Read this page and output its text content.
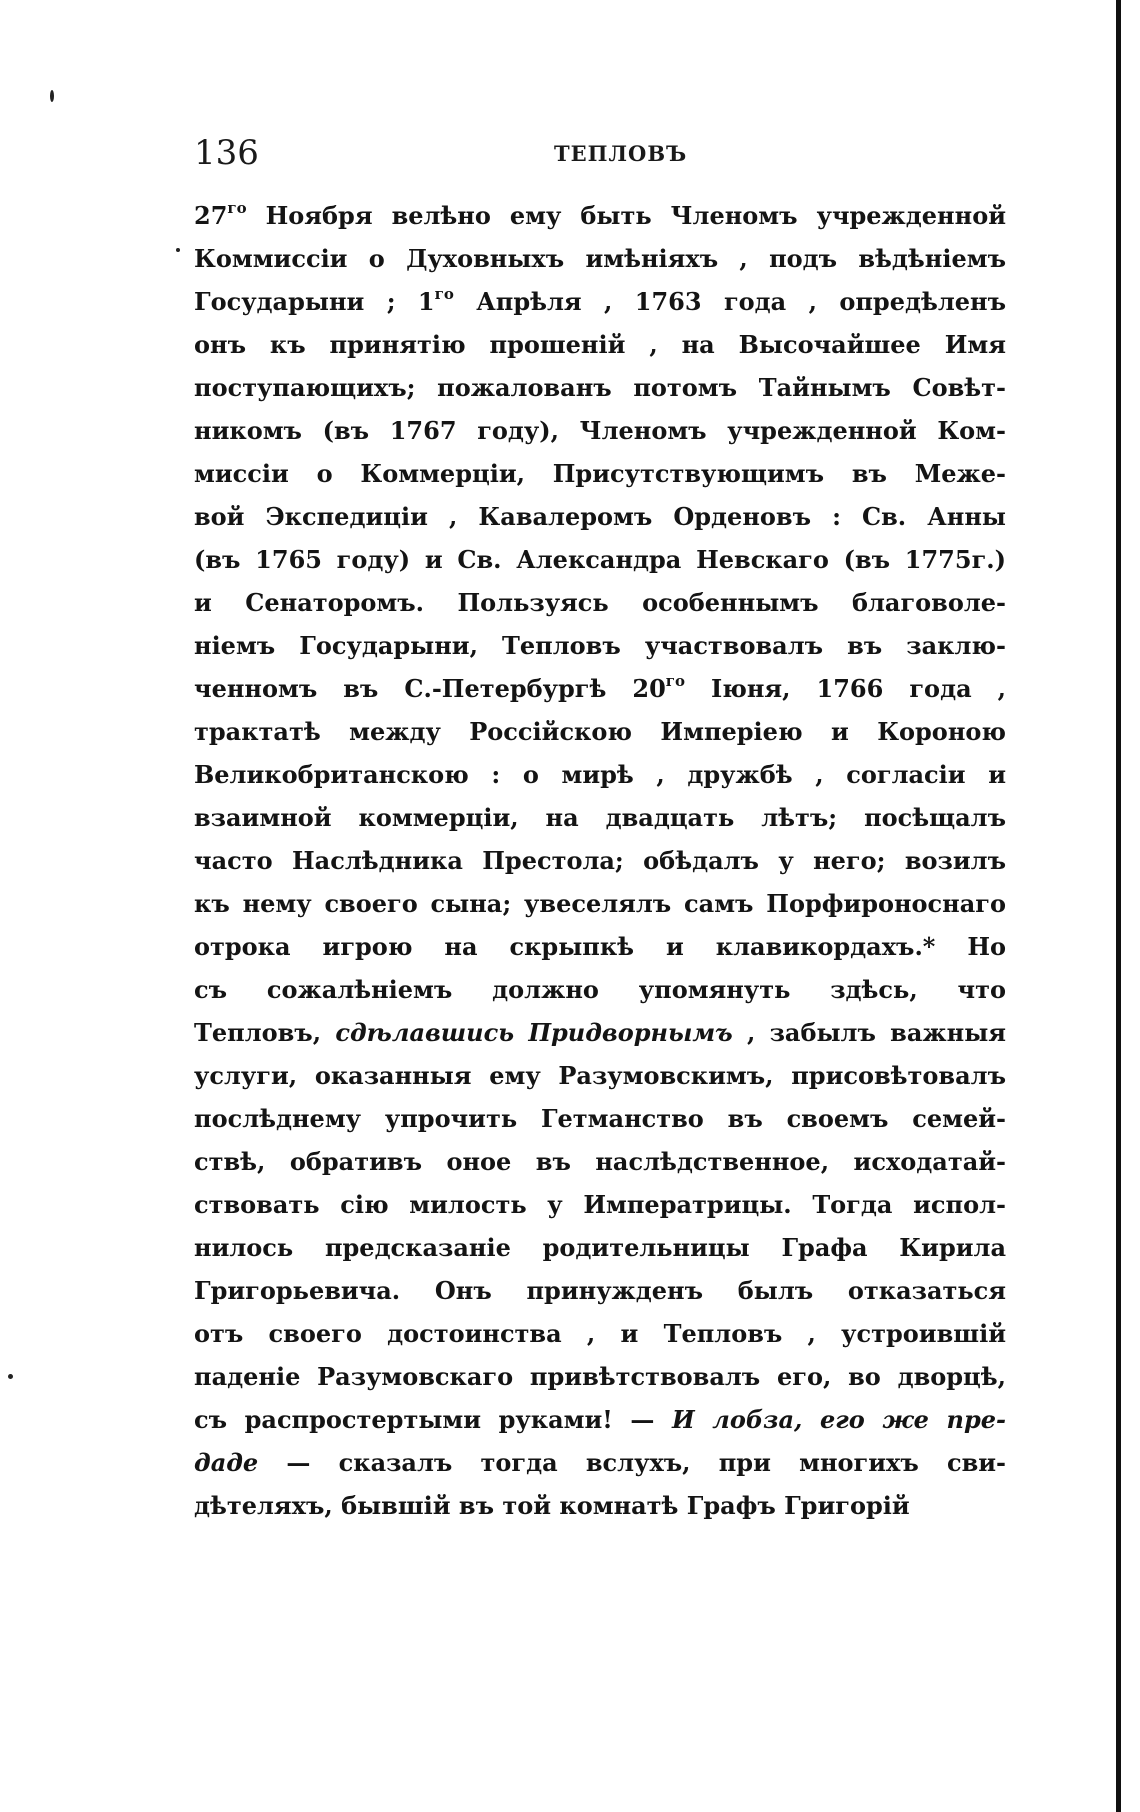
136	ТЕПЛОВЪ
$27^{го}$ Ноября велѣно ему быть Членомъ учрежденной
Коммиссіи о Духовныхъ имѣніяхъ , подъ вѣдѣніемъ
Государыни ; $1^{го}$ Апрѣля , 1763 года , опредѣленъ
онъ къ принятію прошеній , на Высочайшее Имя
поступающихъ; пожалованъ потомъ Тайнымъ Совѣт-
никомъ (въ 1767 году), Членомъ учрежденной Ком-
миссіи о Коммерціи, Присутствующимъ въ Меже-
вой Экспедиціи , Кавалеромъ Орденовъ : Св. Анны
(въ 1765 году) и Св. Александра Невскаго (въ 1775г.)
и Сенаторомъ. Пользуясь особеннымъ благоволе-
ніемъ Государыни, Тепловъ участвовалъ въ заклю-
ченномъ въ С.-Петербургѣ $20^{го}$ Іюня, 1766 года ,
трактатѣ между Россійскою Имперіею и Короною
Великобританскою : о мирѣ , дружбѣ , согласіи и
взаимной коммерціи, на двадцать лѣтъ; посѣщалъ
часто Наслѣдника Престола; обѣдалъ у него; возилъ
къ нему своего сына; увеселялъ самъ Порфироноснаго
отрока игрою на скрыпкѣ и клавикордахъ.* Но
съ сожалѣніемъ должно упомянуть здѣсь, что
Тепловъ, сдѣлавшись Придворнымъ , забылъ важныя
услуги, оказанныя ему Разумовскимъ, присовѣтовалъ
послѣднему упрочить Гетманство въ своемъ семей-
ствѣ, обративъ оное въ наслѣдственное, исходатай-
ствовать сію милость у Императрицы. Тогда испол-
нилось предсказаніе родительницы Графа Кирила
Григорьевича. Онъ принужденъ былъ отказаться
отъ своего достоинства , и Тепловъ , устроившій
паденіе Разумовскаго привѣтствовалъ его, во дворцѣ,
съ распростертыми руками! — И лобза, его же пре-
даде — сказалъ тогда вслухъ, при многихъ сви-
дѣтеляхъ, бывшій въ той комнатѣ Графъ Григорій
